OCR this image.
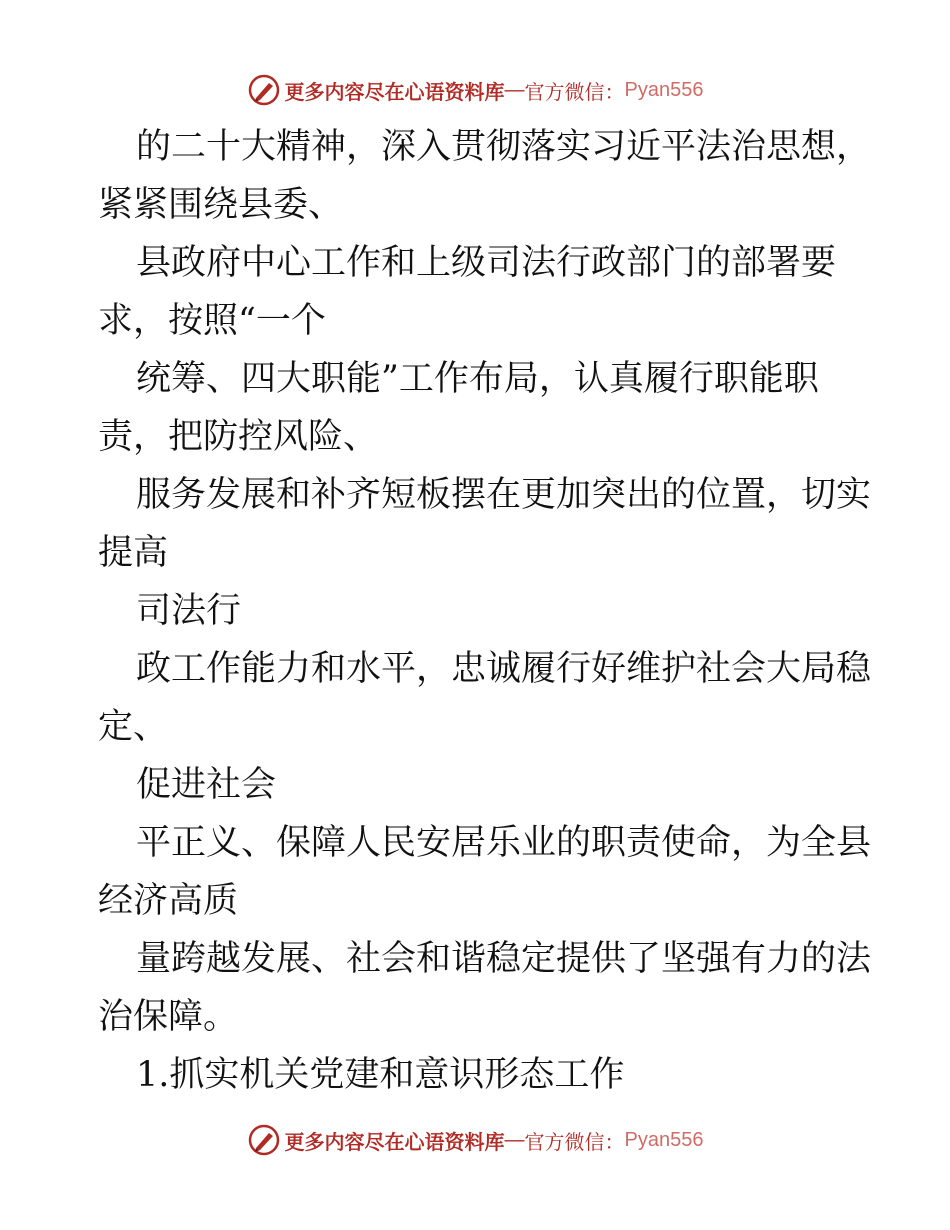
更多内容尽在心语资料库 — 官方微信： Pyan556
的二十大精神，深入贯彻落实习近平法治思想，
紧紧围绕县委、
县政府中心工作和上级司法行政部门的部署要
求，按照“一个
统筹、四大职能”工作布局，认真履行职能职
责，把防控风险、
服务发展和补齐短板摆在更加突出的位置，切实
提高
司法行
政工作能力和水平，忠诚履行好维护社会大局稳
定、
促进社会
平正义、保障人民安居乐业的职责使命，为全县
经济高质
量跨越发展、社会和谐稳定提供了坚强有力的法
治保障。
1.抓实机关党建和意识形态工作
更多内容尽在心语资料库 — 官方微信： Pyan556
